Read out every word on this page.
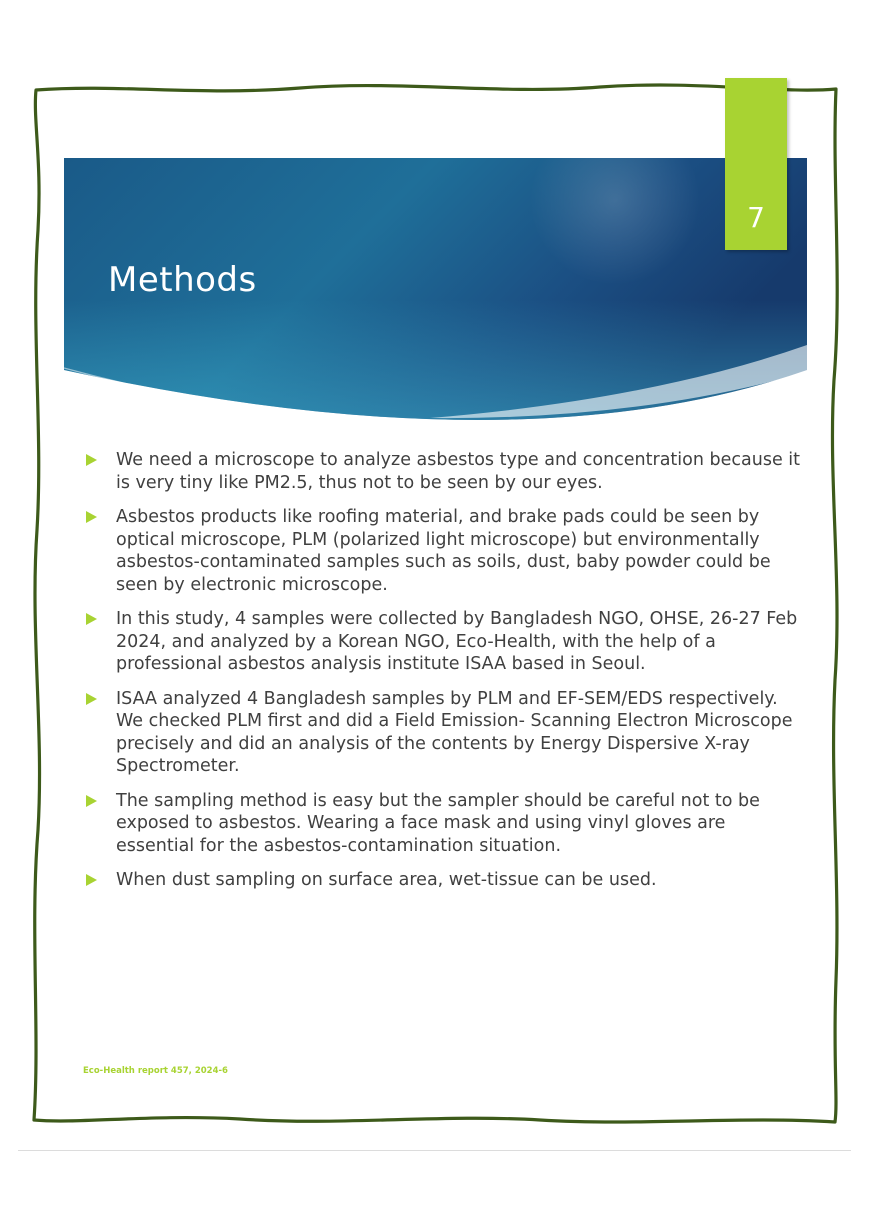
7
Methods
We need a microscope to analyze asbestos type and concentration because it is very tiny like PM2.5, thus not to be seen by our eyes.
Asbestos products like roofing material, and brake pads could be seen by optical microscope, PLM (polarized light microscope) but environmentally asbestos-contaminated samples such as soils, dust, baby powder could be seen by electronic microscope.
In this study, 4 samples were collected by Bangladesh NGO, OHSE, 26-27 Feb 2024, and analyzed by a Korean NGO, Eco-Health, with the help of a professional asbestos analysis institute ISAA based in Seoul.
ISAA analyzed 4 Bangladesh samples by PLM and EF-SEM/EDS respectively. We checked PLM first and did a Field Emission- Scanning Electron Microscope precisely and did an analysis of the contents by Energy Dispersive X-ray Spectrometer.
The sampling method is easy but the sampler should be careful not to be exposed to asbestos. Wearing a face mask and using vinyl gloves are essential for the asbestos-contamination situation.
When dust sampling on surface area, wet-tissue can be used.
Eco-Health report 457, 2024-6
